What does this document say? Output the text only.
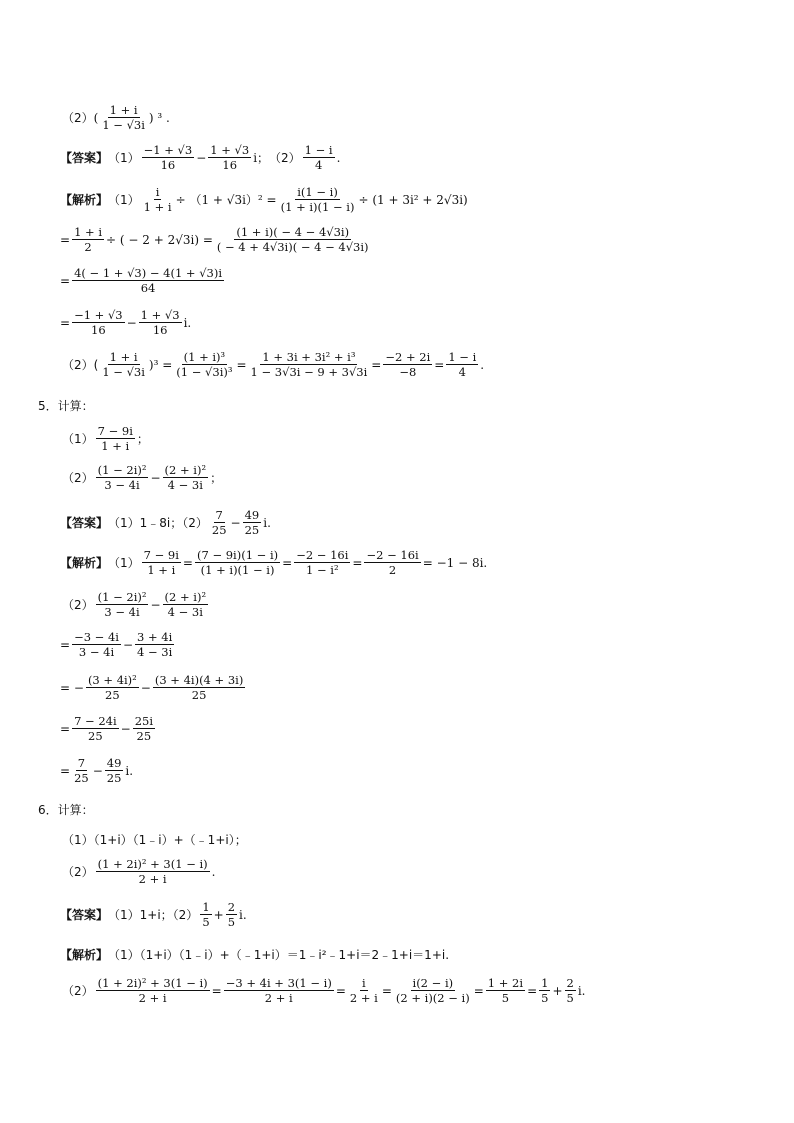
（2） ( $\frac{1 + i}{1 - √3i}$ ) ³ .
【答案】 $(1) \frac{-1 + √3}{16} - \frac{1 + √3}{16}$ i； $(2) \frac{1 - i}{4}$ .
【解析】 $(1) \frac{i}{1 + i} \div (1 + √3i)^2 = \frac{i(1 - i)}{(1 + i)(1 - i)} \div (1 + 3i^2 + 2√3i)$
= $\frac{1 + i}{2}$ ÷ ( − $2 + 2√3i) = \frac{(1 + i)( - 4 - 4√3i)}{( - 4 + 4√3i)( - 4 - 4√3i)}$
= $\frac{4( - 1 + √3) - 4(1 + √3)i}{64}$
= $\frac{-1 + √3}{16} - \frac{1 + √3}{16} i$.
$(2)( \frac{1 + i}{1 - √3i} )^3 = \frac{\text{(1 + i)³}}{\text{(1 − √3i)³}} = \frac{\text{1 + 3i + 3i² + i³}}{1 - 3√3i - 9 + 3√3i} = \frac{-2 + 2i}{-8} = \frac{1 - i}{4}$ .
5．计算：
$(1) \frac{7 - 9i}{1 + i}$ ；
$(2) \frac{\text{(1 − 2i)²}}{3 - 4i} - \frac{\text{(2 + i)²}}{4 - 3i}$ ；
【答案】 （1）1﹣8i；$(2) \frac{7}{25} - \frac{49}{25} i$.
【解析】 $(1) \frac{7 - 9i}{1 + i} = \frac{(7 - 9i)(1 - i)}{(1 + i)(1 - i)} = \frac{-2 - 16i}{\text{1 − i²}} = \frac{-2 - 16i}{2} = -1 - 8i$.
$(2) \frac{\text{(1 − 2i)²}}{3 - 4i} - \frac{\text{(2 + i)²}}{4 - 3i}$
= $\frac{-3 - 4i}{3 - 4i} - \frac{3 + 4i}{4 - 3i}$
= − $\frac{\text{(3 + 4i)²}}{25} - \frac{(3 + 4i)(4 + 3i)}{25}$
= $\frac{7 - 24i}{25} - \frac{25i}{25}$
= $\frac{7}{25} - \frac{49}{25} i$.
6．计算：
（1）（1+i）（1﹣i）+（﹣1+i）；
$(2) \frac{\text{(1 + 2i)² + 3(1 − i)}}{2 + i}$ .
【答案】 （1）1+i；$(2) \frac{1}{5} + \frac{2}{5} i$.
【解析】 （1）（1+i）（1﹣i）+（﹣1+i）＝1﹣i²﹣1+i＝2﹣1+i＝1+i.
$(2) \frac{\text{(1 + 2i)² + 3(1 − i)}}{2 + i} = \frac{-3 + 4i + 3(1 - i)}{2 + i} = \frac{i}{2 + i} = \frac{i(2 - i)}{(2 + i)(2 - i)} = \frac{1 + 2i}{5} = \frac{1}{5} + \frac{2}{5} i$.
